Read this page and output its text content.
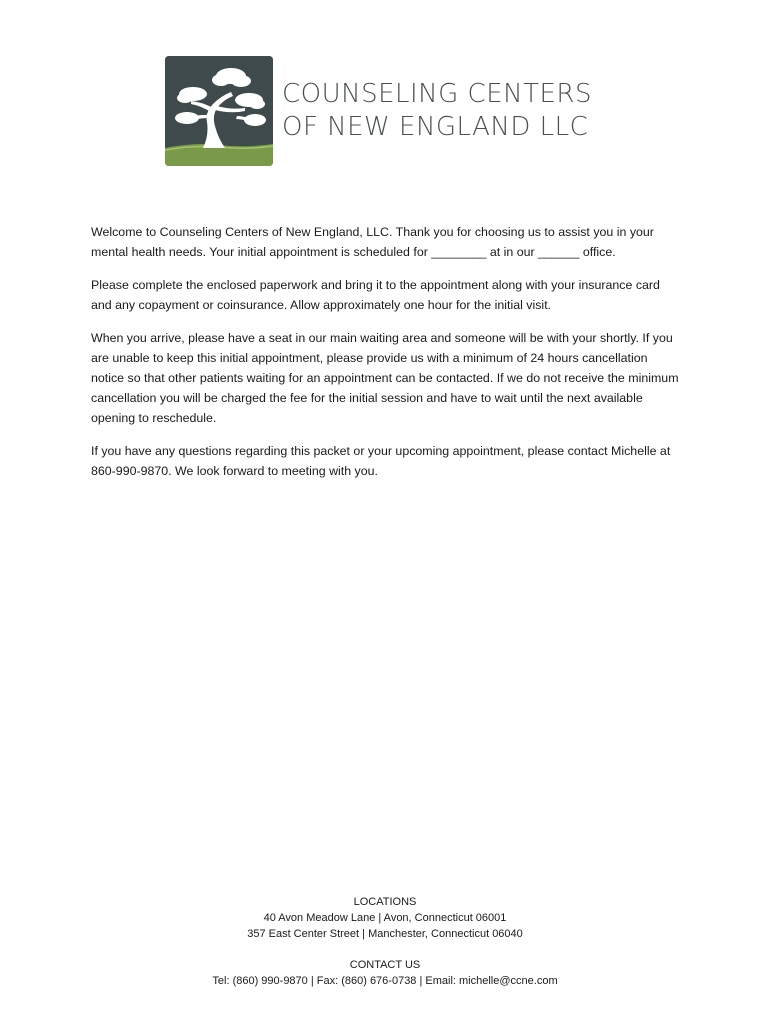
COUNSELING CENTERS
OF NEW ENGLAND LLC

Welcome to Counseling Centers of New England, LLC. Thank you for choosing us to assist you in your mental health needs. Your initial appointment is scheduled for ________ at in our ______ office.

Please complete the enclosed paperwork and bring it to the appointment along with your insurance card and any copayment or coinsurance. Allow approximately one hour for the initial visit.

When you arrive, please have a seat in our main waiting area and someone will be with your shortly. If you are unable to keep this initial appointment, please provide us with a minimum of 24 hours cancellation notice so that other patients waiting for an appointment can be contacted. If we do not receive the minimum cancellation you will be charged the fee for the initial session and have to wait until the next available opening to reschedule.

If you have any questions regarding this packet or your upcoming appointment, please contact Michelle at 860-990-9870. We look forward to meeting with you.

LOCATIONS
40 Avon Meadow Lane | Avon, Connecticut 06001
357 East Center Street | Manchester, Connecticut 06040
CONTACT US
Tel: (860) 990-9870 | Fax: (860) 676-0738 | Email: michelle@ccne.com
